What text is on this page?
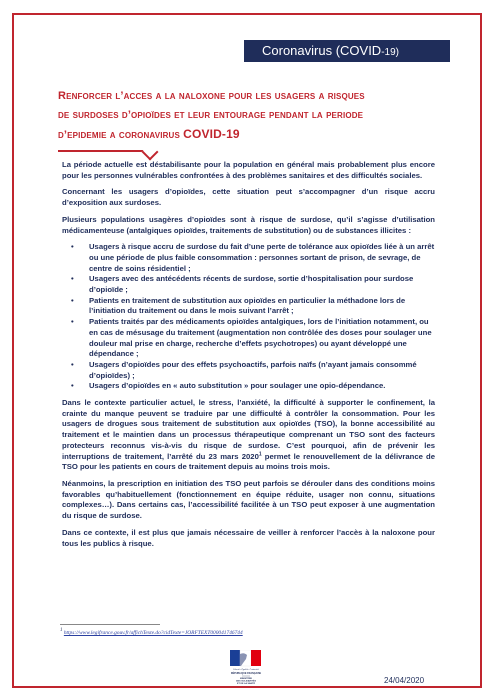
Coronavirus (COVID-19)
Renforcer l’acces a la naloxone pour les usagers a risques
de surdoses d’opioïdes et leur entourage pendant la periode
d’epidemie a coronavirus COVID-19

La période actuelle est déstabilisante pour la population en général mais probablement plus encore pour les personnes vulnérables confrontées à des problèmes sanitaires et des difficultés sociales.

Concernant les usagers d’opioïdes, cette situation peut s’accompagner d’un risque accru d’exposition aux surdoses.

Plusieurs populations usagères d’opioïdes sont à risque de surdose, qu’il s’agisse d’utilisation médicamenteuse (antalgiques opioïdes, traitements de substitution) ou de substances illicites :

• Usagers à risque accru de surdose du fait d’une perte de tolérance aux opioïdes liée à un arrêt ou une période de plus faible consommation : personnes sortant de prison, de sevrage, de centre de soins résidentiel ;
• Usagers avec des antécédents récents de surdose, sortie d’hospitalisation pour surdose d’opioïde ;
• Patients en traitement de substitution aux opioïdes en particulier la méthadone lors de l’initiation du traitement ou dans le mois suivant l’arrêt ;
• Patients traités par des médicaments opioïdes antalgiques, lors de l’initiation notamment, ou en cas de mésusage du traitement (augmentation non contrôlée des doses pour soulager une douleur mal prise en charge, recherche d’effets psychotropes) ou ayant développé une dépendance ;
• Usagers d’opioïdes pour des effets psychoactifs, parfois naïfs (n’ayant jamais consommé d’opioïdes) ;
• Usagers d’opioïdes en « auto substitution » pour soulager une opio-dépendance.

Dans le contexte particulier actuel, le stress, l’anxiété, la difficulté à supporter le confinement, la crainte du manque peuvent se traduire par une difficulté à contrôler la consommation. Pour les usagers de drogues sous traitement de substitution aux opioïdes (TSO), la bonne accessibilité au traitement et le maintien dans un processus thérapeutique comprenant un TSO sont des facteurs protecteurs reconnus vis-à-vis du risque de surdose. C’est pourquoi, afin de prévenir les interruptions de traitement, l’arrêté du 23 mars 2020$^1$ permet le renouvellement de la délivrance de TSO pour les patients en cours de traitement depuis au moins trois mois.

Néanmoins, la prescription en initiation des TSO peut parfois se dérouler dans des conditions moins favorables qu’habituellement (fonctionnement en équipe réduite, usager non connu, situations complexes…). Dans certains cas, l’accessibilité facilitée à un TSO peut exposer à une augmentation du risque de surdose.

Dans ce contexte, il est plus que jamais nécessaire de veiller à renforcer l’accès à la naloxone pour tous les publics à risque.

$^1$ https://www.legifrance.gouv.fr/affichTexte.do?cidTexte=JORFTEXT000041746744
Liberté • Égalité • Fraternité
RÉPUBLIQUE FRANÇAISE
MINISTÈRE
DES SOLIDARITÉS
ET DE LA SANTÉ	24/04/2020
